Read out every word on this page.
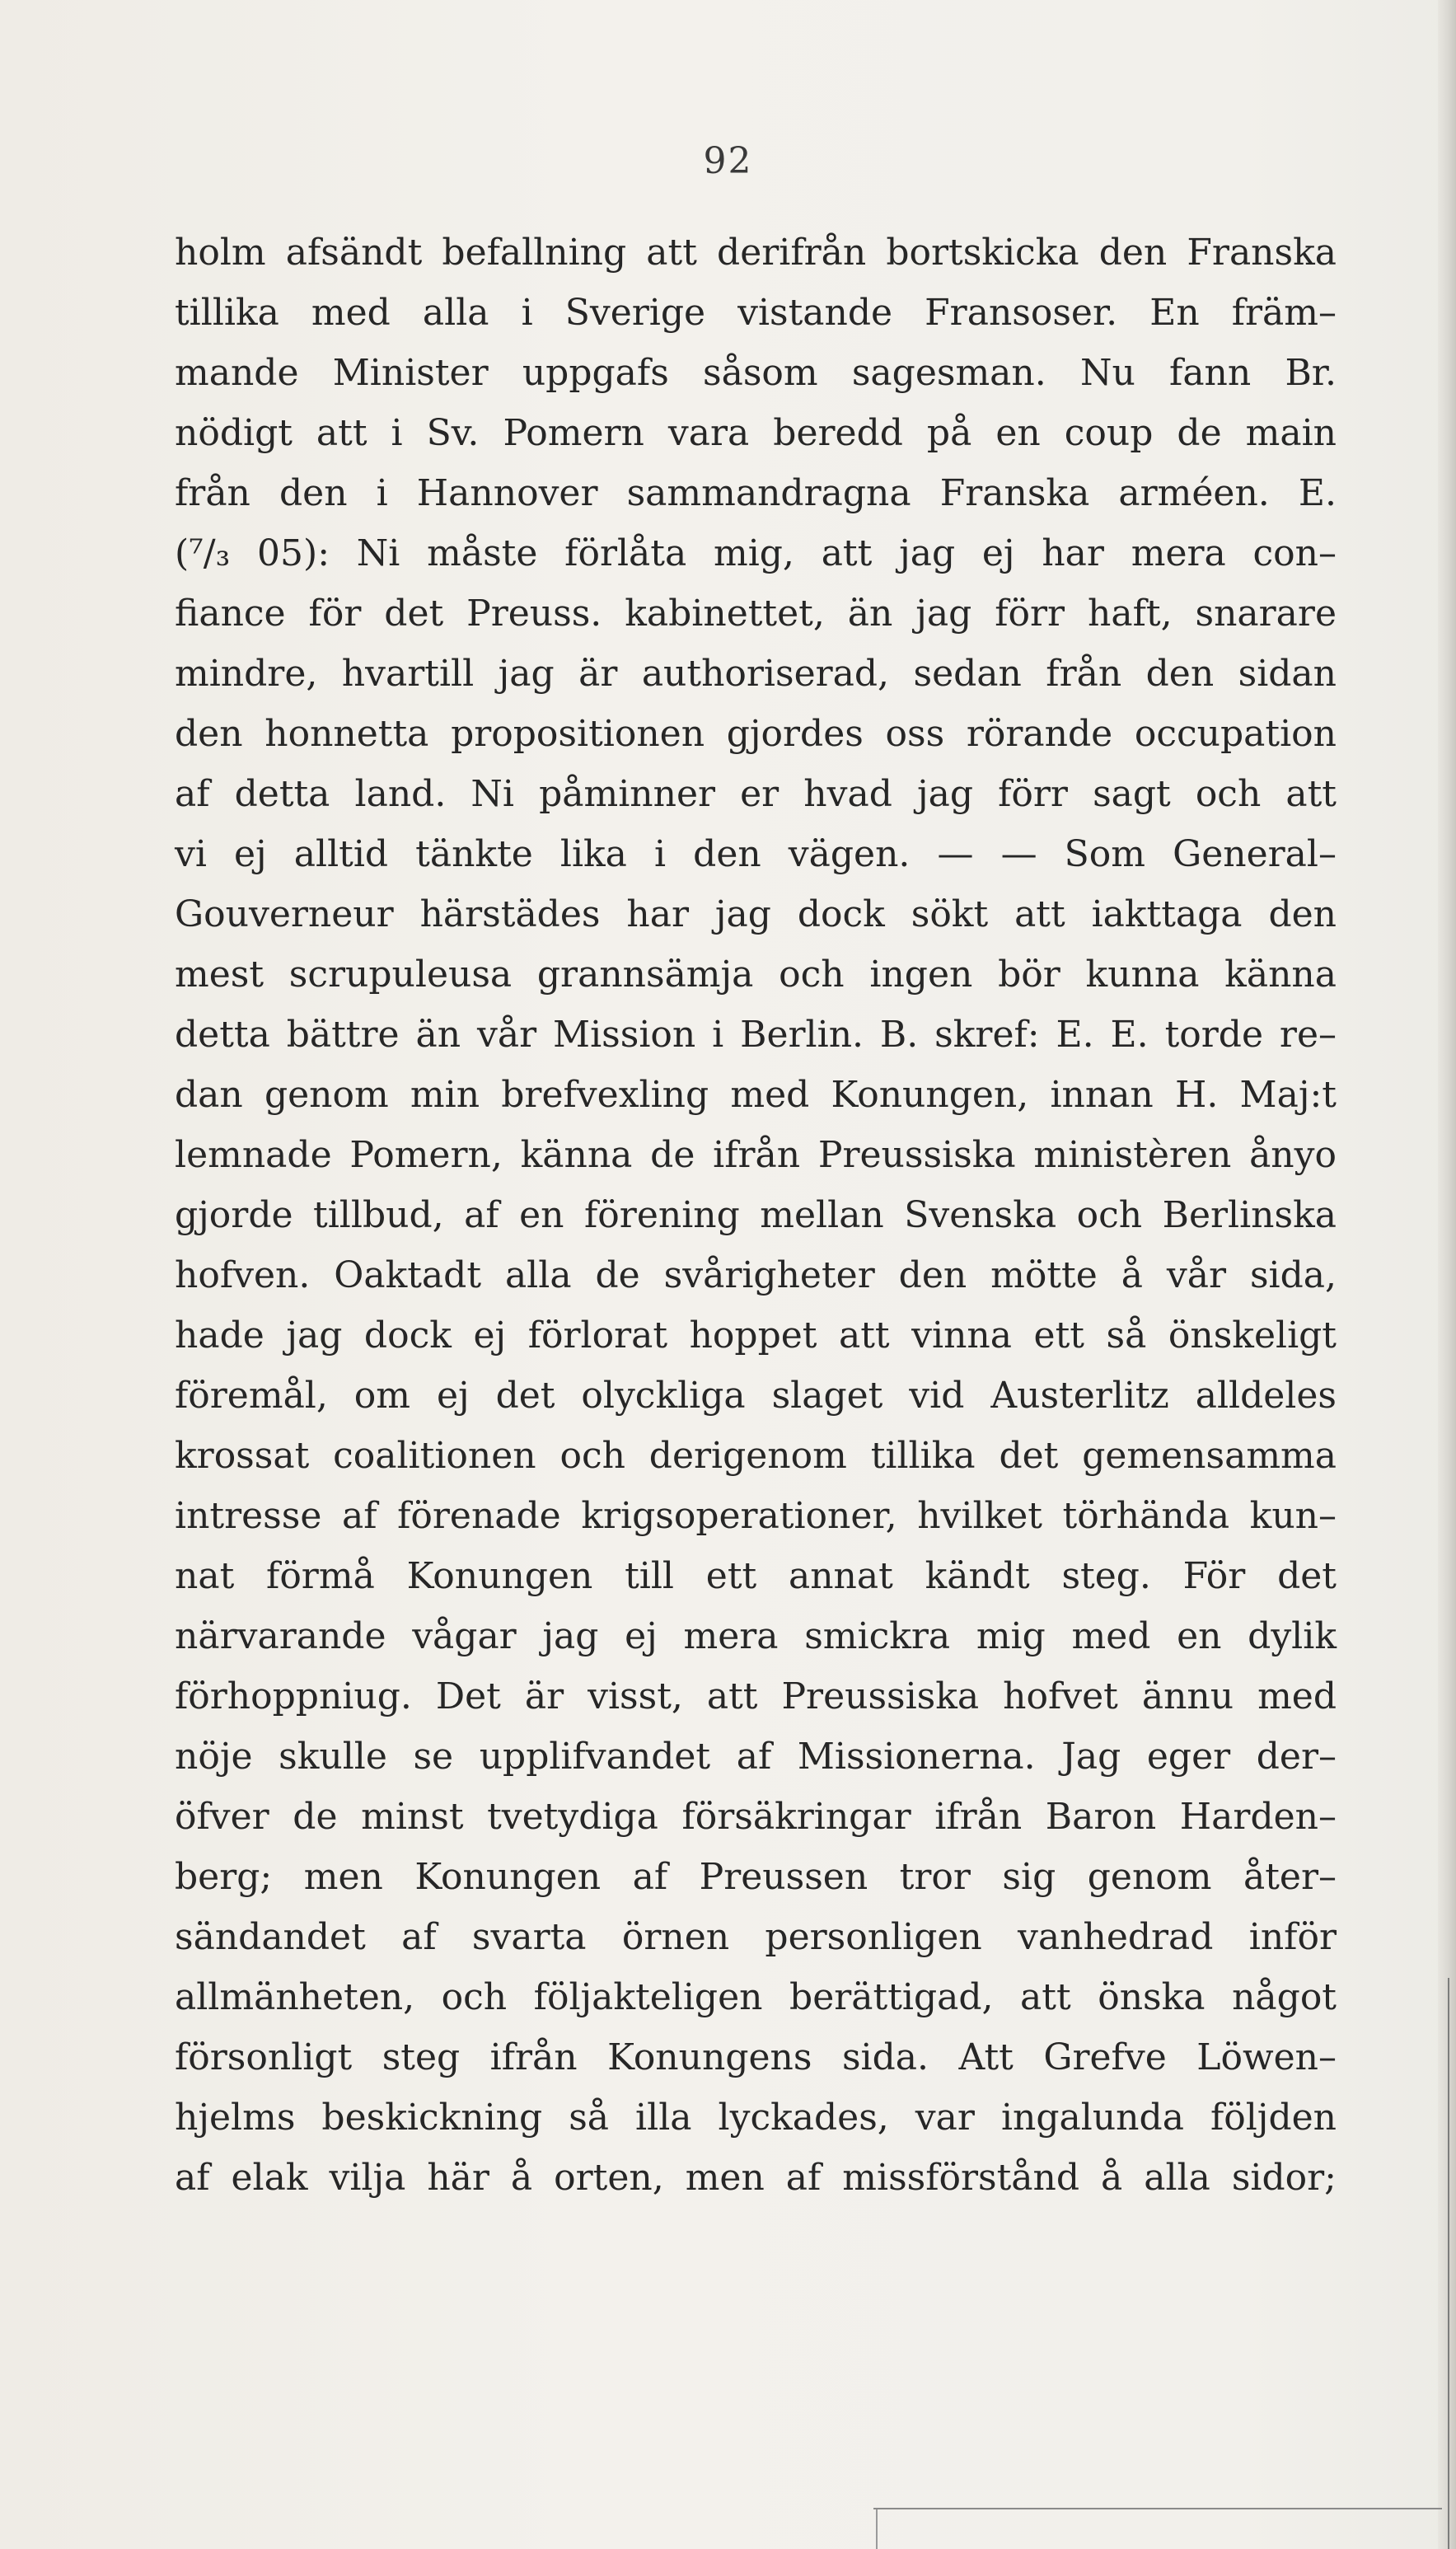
92
holm afsändt befallning att derifrån bortskicka den Franska
tillika med alla i Sverige vistande Fransoser. En främ–
mande Minister uppgafs såsom sagesman. Nu fann Br.
nödigt att i Sv. Pomern vara beredd på en coup de main
från den i Hannover sammandragna Franska arméen. E.
(⁷/₃ 05): Ni måste förlåta mig, att jag ej har mera con–
fiance för det Preuss. kabinettet, än jag förr haft, snarare
mindre, hvartill jag är authoriserad, sedan från den sidan
den honnetta propositionen gjordes oss rörande occupation
af detta land. Ni påminner er hvad jag förr sagt och att
vi ej alltid tänkte lika i den vägen. — — Som General–
Gouverneur härstädes har jag dock sökt att iakttaga den
mest scrupuleusa grannsämja och ingen bör kunna känna
detta bättre än vår Mission i Berlin. B. skref: E. E. torde re–
dan genom min brefvexling med Konungen, innan H. Maj:t
lemnade Pomern, känna de ifrån Preussiska ministèren ånyo
gjorde tillbud, af en förening mellan Svenska och Berlinska
hofven. Oaktadt alla de svårigheter den mötte å vår sida,
hade jag dock ej förlorat hoppet att vinna ett så önskeligt
föremål, om ej det olyckliga slaget vid Austerlitz alldeles
krossat coalitionen och derigenom tillika det gemensamma
intresse af förenade krigsoperationer, hvilket törhända kun–
nat förmå Konungen till ett annat kändt steg. För det
närvarande vågar jag ej mera smickra mig med en dylik
förhoppniug. Det är visst, att Preussiska hofvet ännu med
nöje skulle se upplifvandet af Missionerna. Jag eger der–
öfver de minst tvetydiga försäkringar ifrån Baron Harden–
berg; men Konungen af Preussen tror sig genom åter–
sändandet af svarta örnen personligen vanhedrad inför
allmänheten, och följakteligen berättigad, att önska något
försonligt steg ifrån Konungens sida. Att Grefve Löwen–
hjelms beskickning så illa lyckades, var ingalunda följden
af elak vilja här å orten, men af missförstånd å alla sidor;
